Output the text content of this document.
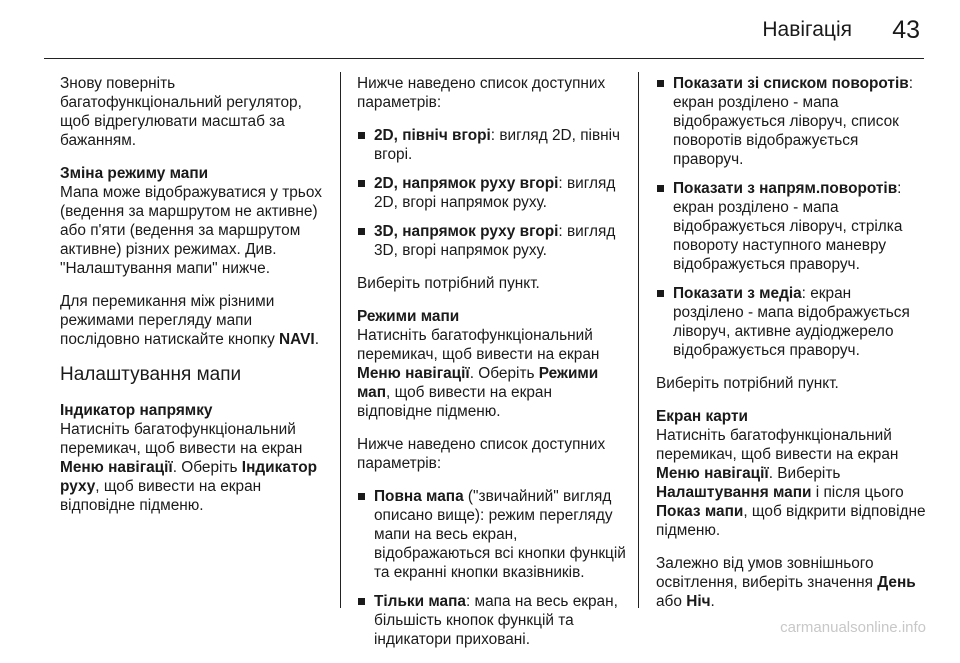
Навігація 43

Знову поверніть багатофункціональний регулятор, щоб відрегулювати масштаб за бажанням.

Зміна режиму мапи
Мапа може відображуватися у трьох (ведення за маршрутом не активне) або п'яти (ведення за маршрутом активне) різних режимах. Див. "Налаштування мапи" нижче.

Для перемикання між різними режимами перегляду мапи послідовно натискайте кнопку NAVI.

Налаштування мапи

Індикатор напрямку
Натисніть багатофункціональний перемикач, щоб вивести на екран Меню навігації. Оберіть Індикатор руху, щоб вивести на екран відповідне підменю.

Нижче наведено список доступних параметрів:

2D, північ вгорі: вигляд 2D, північ вгорі.
2D, напрямок руху вгорі: вигляд 2D, вгорі напрямок руху.
3D, напрямок руху вгорі: вигляд 3D, вгорі напрямок руху.

Виберіть потрібний пункт.

Режими мапи
Натисніть багатофункціональний перемикач, щоб вивести на екран Меню навігації. Оберіть Режими мап, щоб вивести на екран відповідне підменю.

Нижче наведено список доступних параметрів:

Повна мапа ("звичайний" вигляд описано вище): режим перегляду мапи на весь екран, відображаються всі кнопки функцій та екранні кнопки вказівників.
Тільки мапа: мапа на весь екран, більшість кнопок функцій та індикатори приховані.
Показати зі списком поворотів: екран розділено - мапа відображується ліворуч, список поворотів відображується праворуч.
Показати з напрям.поворотів: екран розділено - мапа відображується ліворуч, стрілка повороту наступного маневру відображується праворуч.
Показати з медіа: екран розділено - мапа відображується ліворуч, активне аудіоджерело відображується праворуч.

Виберіть потрібний пункт.

Екран карти
Натисніть багатофункціональний перемикач, щоб вивести на екран Меню навігації. Виберіть Налаштування мапи і після цього Показ мапи, щоб відкрити відповідне підменю.

Залежно від умов зовнішнього освітлення, виберіть значення День або Ніч.

carmanualsonline.info
